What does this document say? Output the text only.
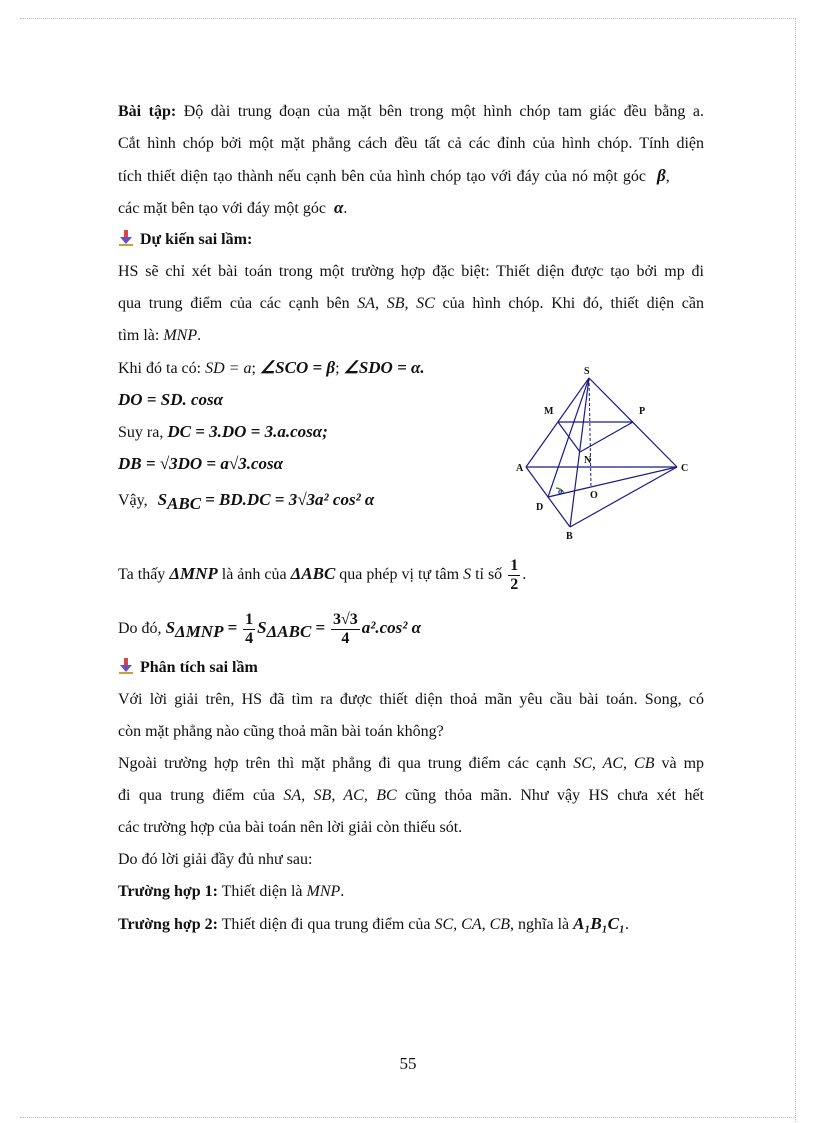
Bài tập: Độ dài trung đoạn của mặt bên trong một hình chóp tam giác đều bằng a.
Cắt hình chóp bởi một mặt phẳng cách đều tất cả các đỉnh của hình chóp. Tính diện
tích thiết diện tạo thành nếu cạnh bên của hình chóp tạo với đáy của nó một góc β,
các mặt bên tạo với đáy một góc α.
Dự kiến sai lầm:
HS sẽ chỉ xét bài toán trong một trường hợp đặc biệt: Thiết diện được tạo bởi mp đi
qua trung điểm của các cạnh bên SA, SB, SC của hình chóp. Khi đó, thiết diện cần
tìm là: MNP.
Khi đó ta có: SD = a; ∠SCO = β; ∠SDO = α.
DO = SD. cosα
Suy ra, DC = 3.DO = 3.a.cosα;
DB = √3DO = a√3.cosα
Vậy, $S_{ABC} = BD.DC = 3√3a^2$ cos² α
Ta thấy ΔMNP là ảnh của ΔABC qua phép vị tự tâm S tỉ số $\frac{1}{2}$ .
Do đó, $S_{\Delta MNP} = \frac{1}{4} S_{\Delta ABC} = \frac{3√3}{4} a^2.\cos^2$ α
Phân tích sai lầm
Với lời giải trên, HS đã tìm ra được thiết diện thoả mãn yêu cầu bài toán. Song, có
còn mặt phẳng nào cũng thoả mãn bài toán không?
Ngoài trường hợp trên thì mặt phẳng đi qua trung điểm các cạnh SC, AC, CB và mp
đi qua trung điểm của SA, SB, AC, BC cũng thỏa mãn. Như vậy HS chưa xét hết
các trường hợp của bài toán nên lời giải còn thiếu sót.
Do đó lời giải đầy đủ như sau:
Trường hợp 1: Thiết diện là MNP.
Trường hợp 2: Thiết diện đi qua trung điểm của SC, CA, CB, nghĩa là A₁B₁C₁.
S
M	P
N
A	C
O
D
B
α
55
